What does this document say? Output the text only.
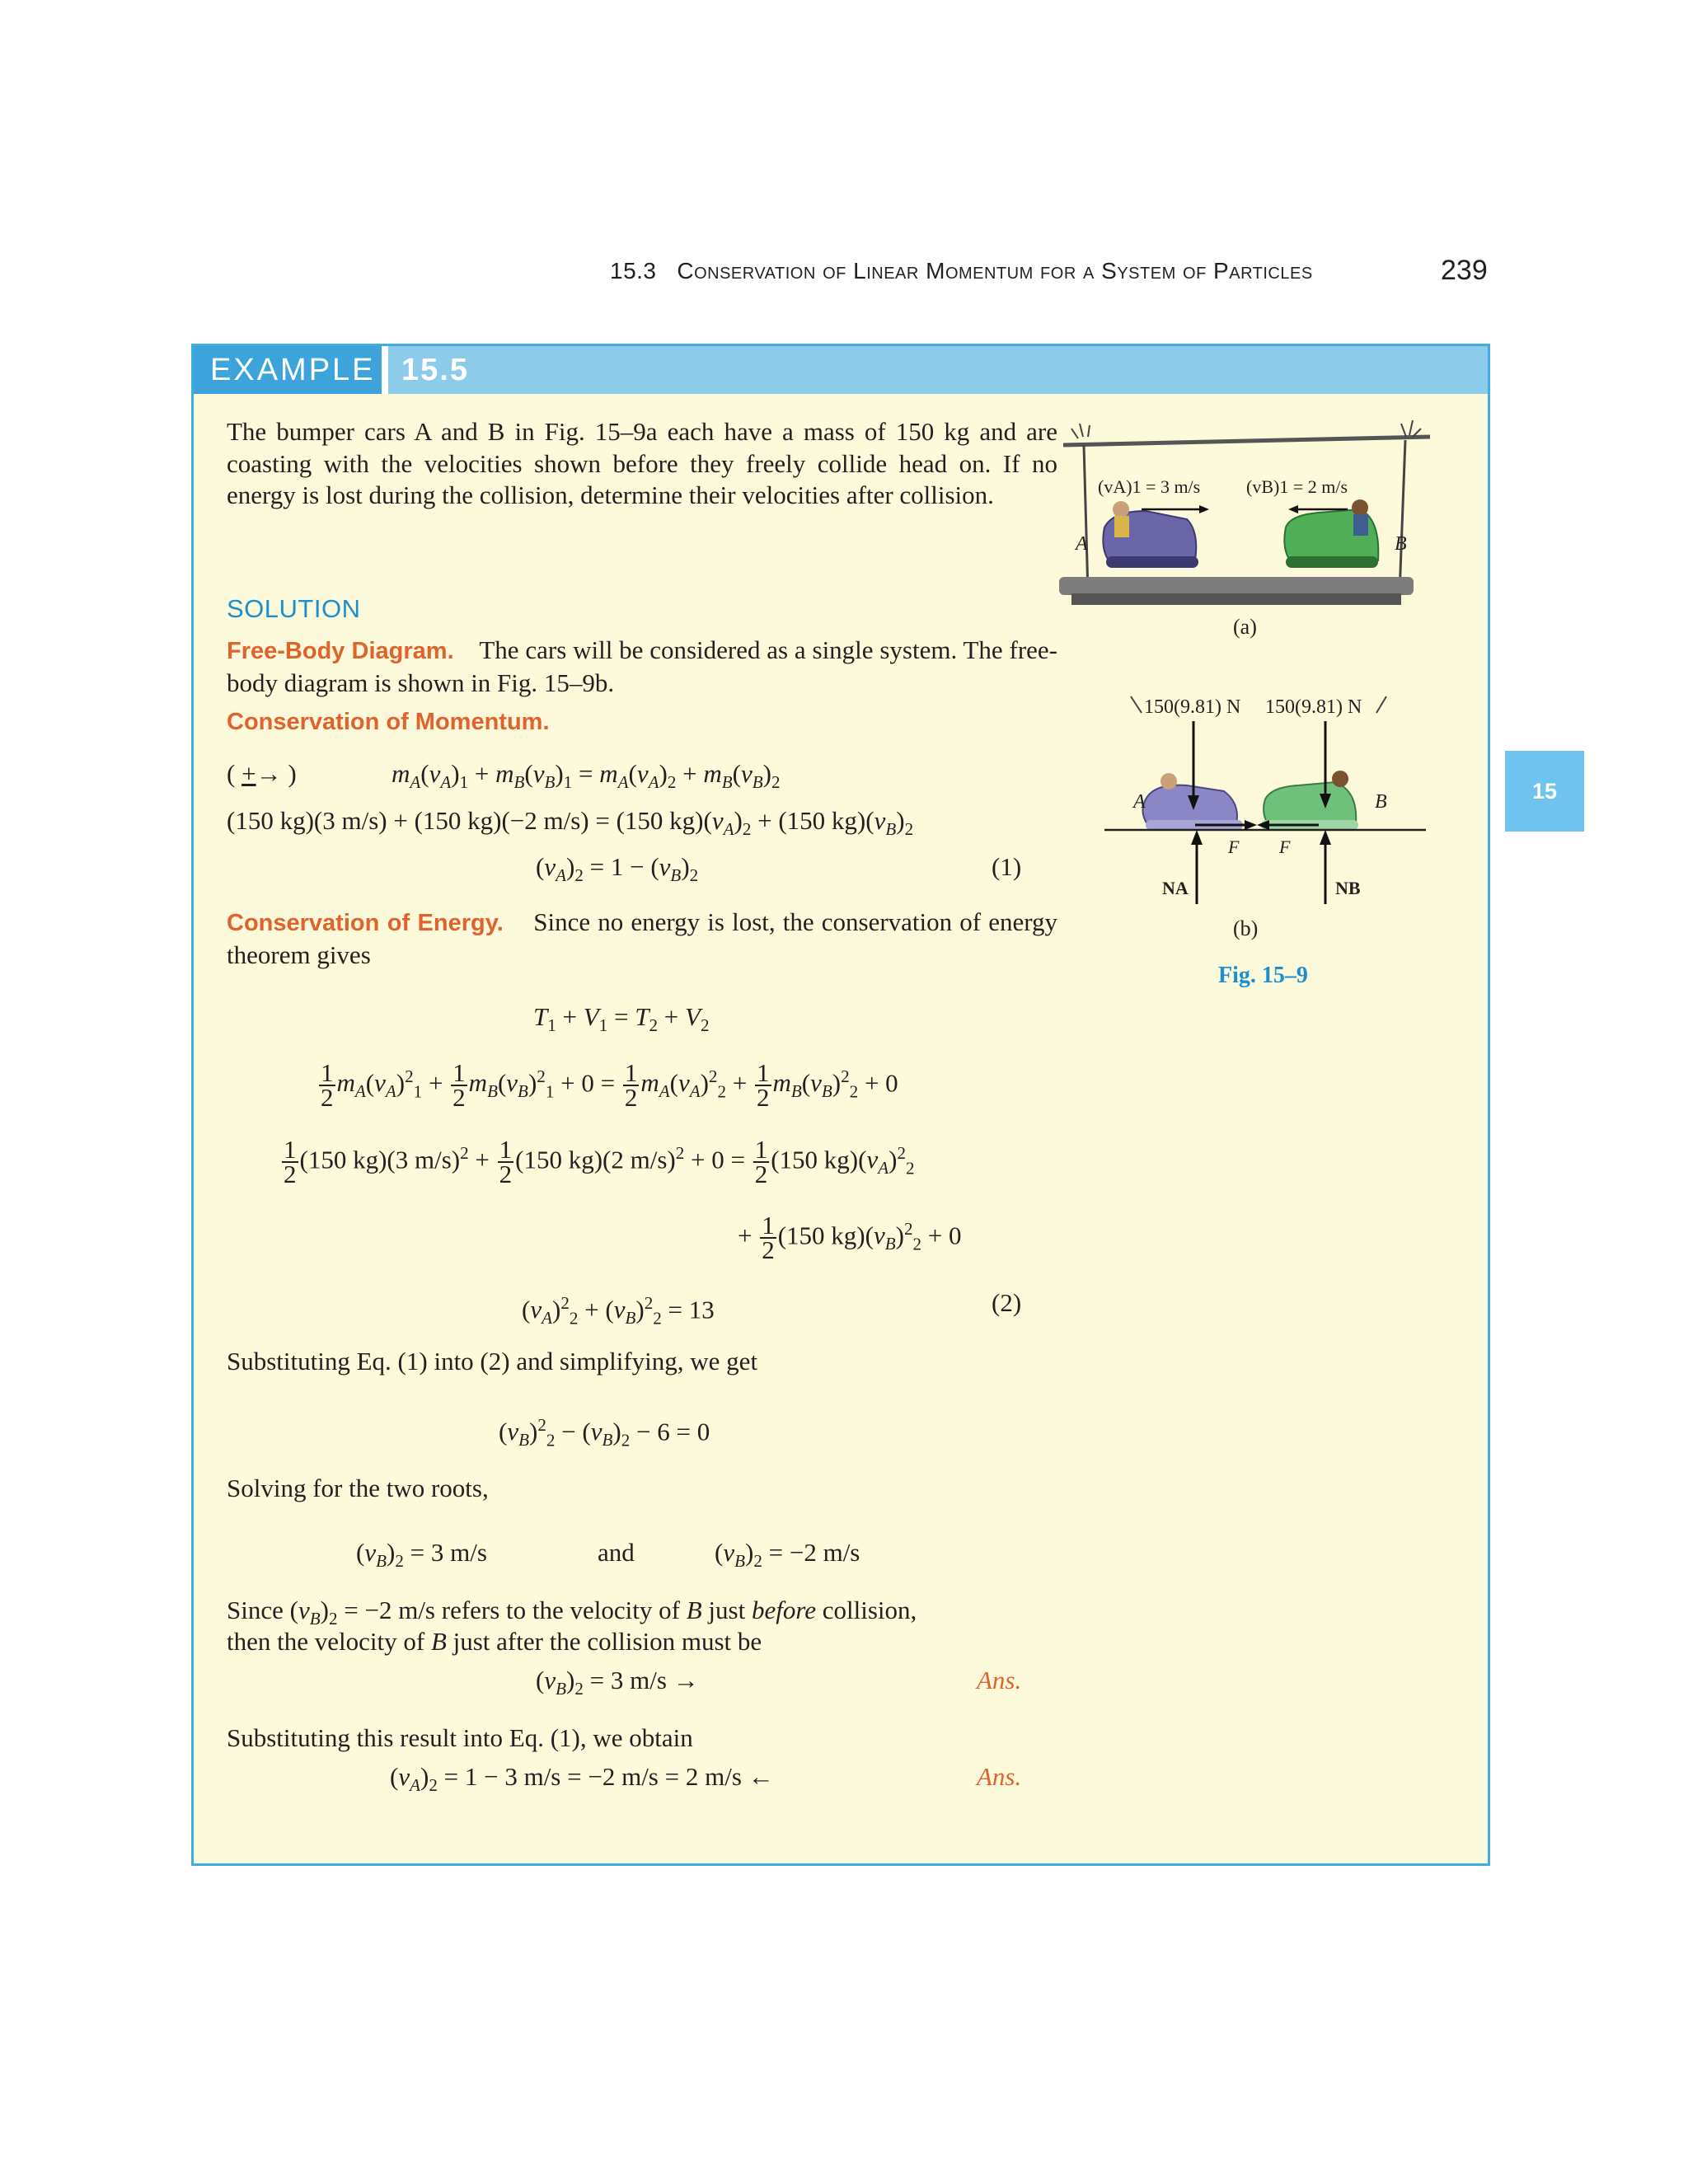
15.3 Conservation of Linear Momentum for a System of Particles	239
15
EXAMPLE 15.5
The bumper cars A and B in Fig. 15–9a each have a mass of 150 kg and are coasting with the velocities shown before they freely collide head on. If no energy is lost during the collision, determine their velocities after collision.
SOLUTION
Free-Body Diagram. The cars will be considered as a single system. The free-body diagram is shown in Fig. 15–9b.
Conservation of Momentum.
( +→ )	$m_A(v_A)_1 + m_B(v_B)_1 = m_A(v_A)_2 + m_B(v_B)_2$
(150 kg)(3 m/s) + (150 kg)(−2 m/s) = (150 $kg)(v_A)_2 + (150$ $kg)(v_B)_2$
$(v_A)_2 = 1 - (v_B)_2$	(1)
Conservation of Energy. Since no energy is lost, the conservation of energy theorem gives
$T_1 + V_1 = T_2 + V_2$
$\frac{1}{2} m_A(v_A)^2_1 + \frac{1}{2} m_B(v_B)^2_1 + 0 = \frac{1}{2} m_A(v_A)^2_2 + \frac{1}{2} m_B(v_B)^2_2 + 0$
$\frac{1}{2} (150$ kg)(3 $m/s)^2 + \frac{1}{2} (150$ kg)(2 $m/s)^2 + 0 = \frac{1}{2} (150$ $kg)(v_A)^2_2$
+ $\frac{1}{2} (150$ $kg)(v_B)^2_2 + 0$
$(v_A)^2_2 + (v_B)^2_2 = 13$	(2)
Substituting Eq. (1) into (2) and simplifying, we get
$(v_B)^2_2 - (v_B)_2 - 6 = 0$
Solving for the two roots,
$(v_B)_2 = 3$ m/s	and	$(v_B)_2 = -2$ m/s
Since $(v_B)_2 = -2$ m/s refers to the velocity of B just before collision,
then the velocity of B just after the collision must be
$(v_B)_2 = 3$ m/s →	Ans.
Substituting this result into Eq. (1), we obtain
$(v_A)_2 = 1 - 3$ m/s = −2 m/s = 2 m/s ←	Ans.
(vA)1 = 3 m/s	(vB)1 = 2 m/s
A	B
(a)
150(9.81) N 150(9.81) N
F F
NA	NB
A	B
(b)
Fig. 15–9
